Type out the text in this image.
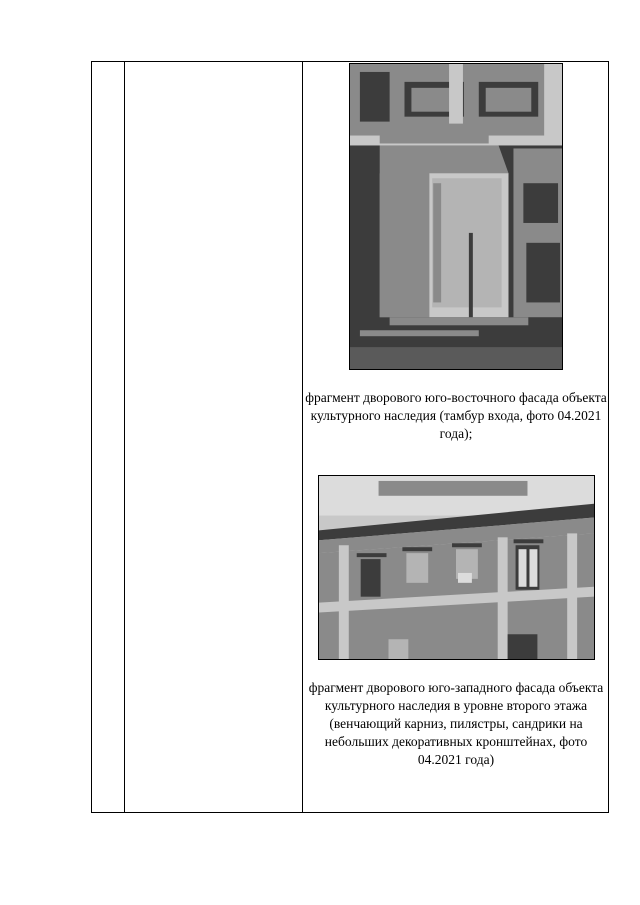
фрагмент дворового юго-восточного фасада объекта культурного наследия (тамбур входа, фото 04.2021 года);
фрагмент дворового юго-западного фасада объекта культурного наследия в уровне второго этажа (венчающий карниз, пилястры, сандрики на небольших декоративных кронштейнах, фото 04.2021 года)
